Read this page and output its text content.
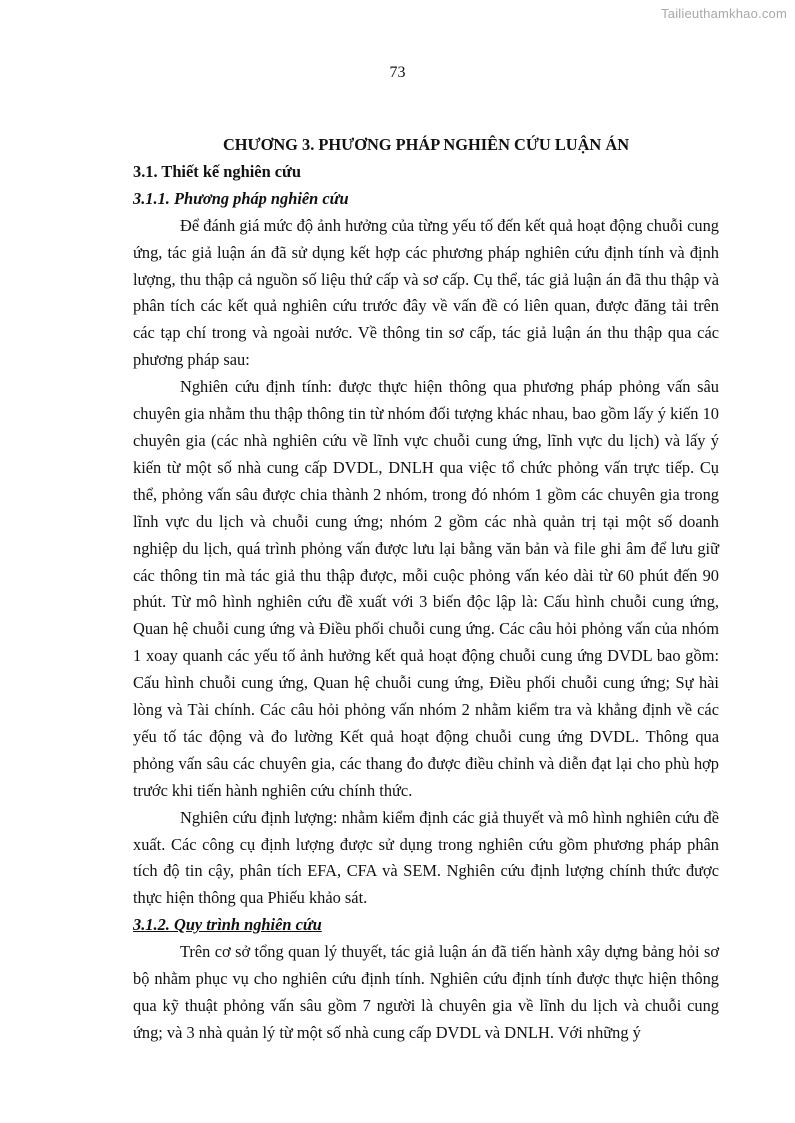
Tailieuthamkhao.com
73
CHƯƠNG 3. PHƯƠNG PHÁP NGHIÊN CỨU LUẬN ÁN
3.1. Thiết kế nghiên cứu
3.1.1. Phương pháp nghiên cứu

Để đánh giá mức độ ảnh hưởng của từng yếu tố đến kết quả hoạt động chuỗi cung ứng, tác giả luận án đã sử dụng kết hợp các phương pháp nghiên cứu định tính và định lượng, thu thập cả nguồn số liệu thứ cấp và sơ cấp. Cụ thể, tác giả luận án đã thu thập và phân tích các kết quả nghiên cứu trước đây về vấn đề có liên quan, được đăng tải trên các tạp chí trong và ngoài nước. Về thông tin sơ cấp, tác giả luận án thu thập qua các phương pháp sau:

Nghiên cứu định tính: được thực hiện thông qua phương pháp phỏng vấn sâu chuyên gia nhằm thu thập thông tin từ nhóm đối tượng khác nhau, bao gồm lấy ý kiến 10 chuyên gia (các nhà nghiên cứu về lĩnh vực chuỗi cung ứng, lĩnh vực du lịch) và lấy ý kiến từ một số nhà cung cấp DVDL, DNLH qua việc tổ chức phỏng vấn trực tiếp. Cụ thể, phỏng vấn sâu được chia thành 2 nhóm, trong đó nhóm 1 gồm các chuyên gia trong lĩnh vực du lịch và chuỗi cung ứng; nhóm 2 gồm các nhà quản trị tại một số doanh nghiệp du lịch, quá trình phỏng vấn được lưu lại bằng văn bản và file ghi âm để lưu giữ các thông tin mà tác giả thu thập được, mỗi cuộc phỏng vấn kéo dài từ 60 phút đến 90 phút. Từ mô hình nghiên cứu đề xuất với 3 biến độc lập là: Cấu hình chuỗi cung ứng, Quan hệ chuỗi cung ứng và Điều phối chuỗi cung ứng. Các câu hỏi phỏng vấn của nhóm 1 xoay quanh các yếu tố ảnh hưởng kết quả hoạt động chuỗi cung ứng DVDL bao gồm: Cấu hình chuỗi cung ứng, Quan hệ chuỗi cung ứng, Điều phối chuỗi cung ứng; Sự hài lòng và Tài chính. Các câu hỏi phỏng vấn nhóm 2 nhằm kiểm tra và khẳng định về các yếu tố tác động và đo lường Kết quả hoạt động chuỗi cung ứng DVDL. Thông qua phỏng vấn sâu các chuyên gia, các thang đo được điều chỉnh và diễn đạt lại cho phù hợp trước khi tiến hành nghiên cứu chính thức.

Nghiên cứu định lượng: nhằm kiểm định các giả thuyết và mô hình nghiên cứu đề xuất. Các công cụ định lượng được sử dụng trong nghiên cứu gồm phương pháp phân tích độ tin cậy, phân tích EFA, CFA và SEM. Nghiên cứu định lượng chính thức được thực hiện thông qua Phiếu khảo sát.

3.1.2. Quy trình nghiên cứu

Trên cơ sở tổng quan lý thuyết, tác giả luận án đã tiến hành xây dựng bảng hỏi sơ bộ nhằm phục vụ cho nghiên cứu định tính. Nghiên cứu định tính được thực hiện thông qua kỹ thuật phỏng vấn sâu gồm 7 người là chuyên gia về lĩnh du lịch và chuỗi cung ứng; và 3 nhà quản lý từ một số nhà cung cấp DVDL và DNLH. Với những ý
